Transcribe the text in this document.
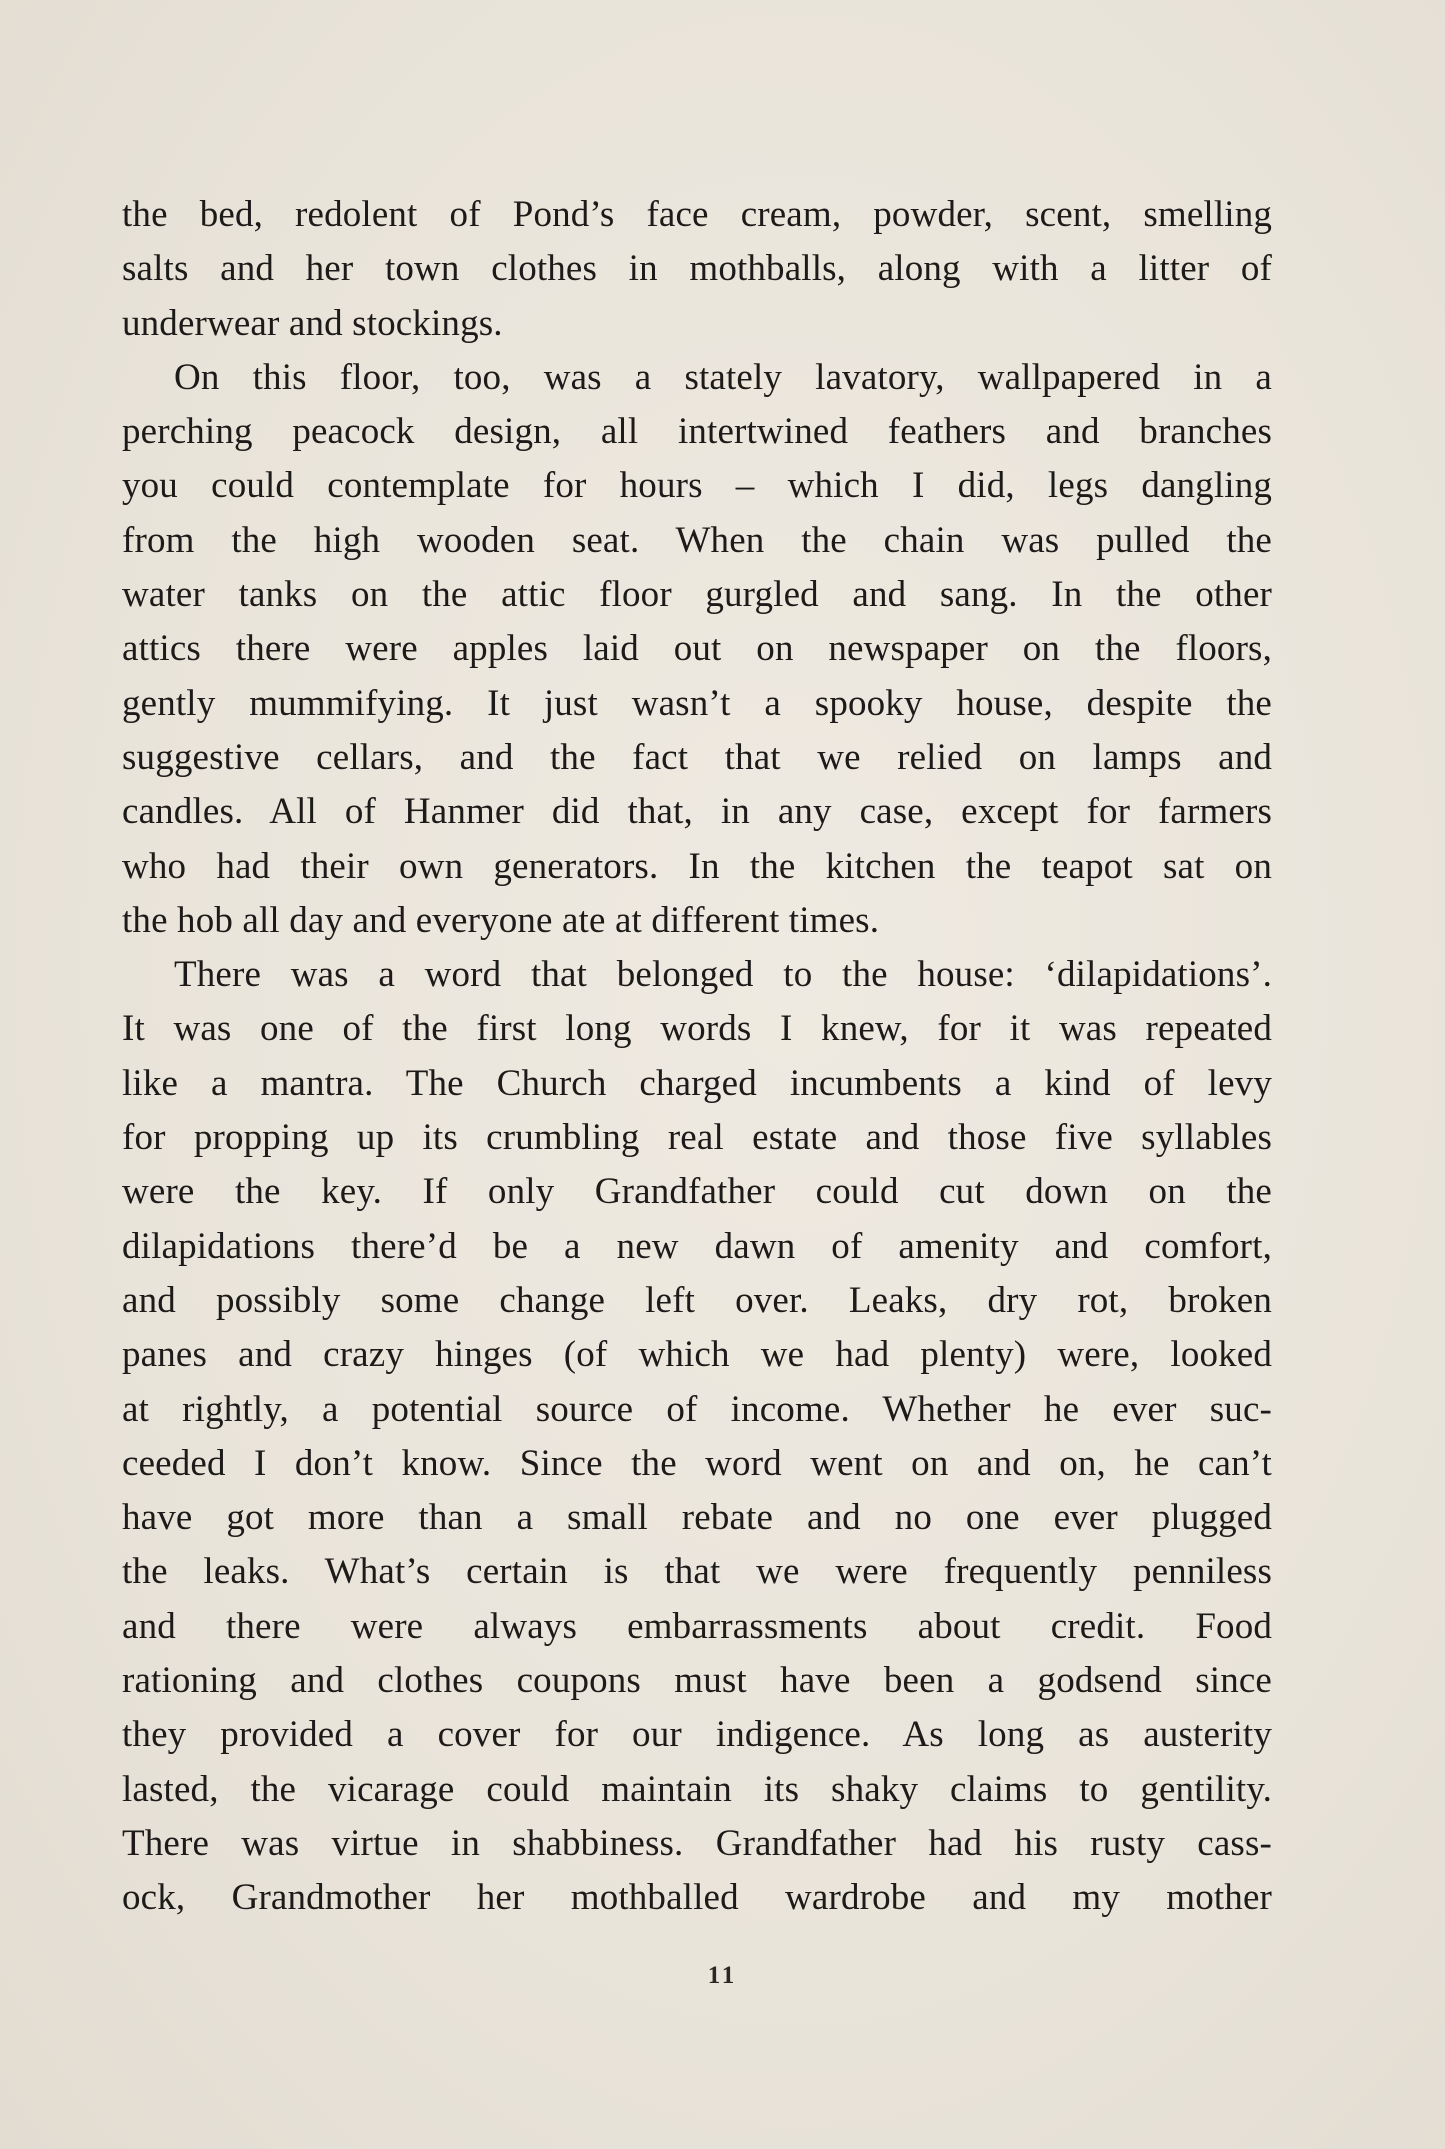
the bed, redolent of Pond’s face cream, powder, scent, smelling
salts and her town clothes in mothballs, along with a litter of
underwear and stockings.
On this floor, too, was a stately lavatory, wallpapered in a
perching peacock design, all intertwined feathers and branches
you could contemplate for hours – which I did, legs dangling
from the high wooden seat. When the chain was pulled the
water tanks on the attic floor gurgled and sang. In the other
attics there were apples laid out on newspaper on the floors,
gently mummifying. It just wasn’t a spooky house, despite the
suggestive cellars, and the fact that we relied on lamps and
candles. All of Hanmer did that, in any case, except for farmers
who had their own generators. In the kitchen the teapot sat on
the hob all day and everyone ate at different times.
There was a word that belonged to the house: ‘dilapidations’.
It was one of the first long words I knew, for it was repeated
like a mantra. The Church charged incumbents a kind of levy
for propping up its crumbling real estate and those five syllables
were the key. If only Grandfather could cut down on the
dilapidations there’d be a new dawn of amenity and comfort,
and possibly some change left over. Leaks, dry rot, broken
panes and crazy hinges (of which we had plenty) were, looked
at rightly, a potential source of income. Whether he ever suc-
ceeded I don’t know. Since the word went on and on, he can’t
have got more than a small rebate and no one ever plugged
the leaks. What’s certain is that we were frequently penniless
and there were always embarrassments about credit. Food
rationing and clothes coupons must have been a godsend since
they provided a cover for our indigence. As long as austerity
lasted, the vicarage could maintain its shaky claims to gentility.
There was virtue in shabbiness. Grandfather had his rusty cass-
ock, Grandmother her mothballed wardrobe and my mother
11
